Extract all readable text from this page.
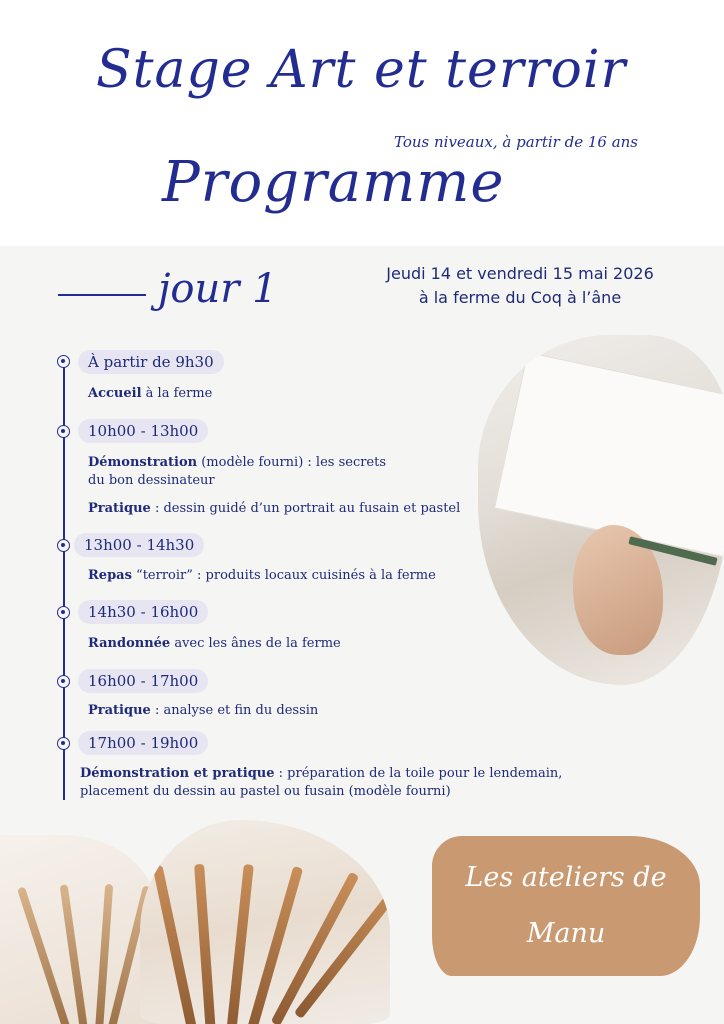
Stage Art et terroir
Tous niveaux, à partir de 16 ans
Programme
jour 1	Jeudi 14 et vendredi 15 mai 2026
à la ferme du Coq à l’âne
À partir de 9h30
Accueil à la ferme
10h00 - 13h00
Démonstration (modèle fourni) : les secrets
du bon dessinateur
Pratique : dessin guidé d’un portrait au fusain et pastel
13h00 - 14h30
Repas “terroir” : produits locaux cuisinés à la ferme
14h30 - 16h00
Randonnée avec les ânes de la ferme
16h00 - 17h00
Pratique : analyse et fin du dessin
17h00 - 19h00
Démonstration et pratique : préparation de la toile pour le lendemain,
placement du dessin au pastel ou fusain (modèle fourni)
Les ateliers de
Manu
